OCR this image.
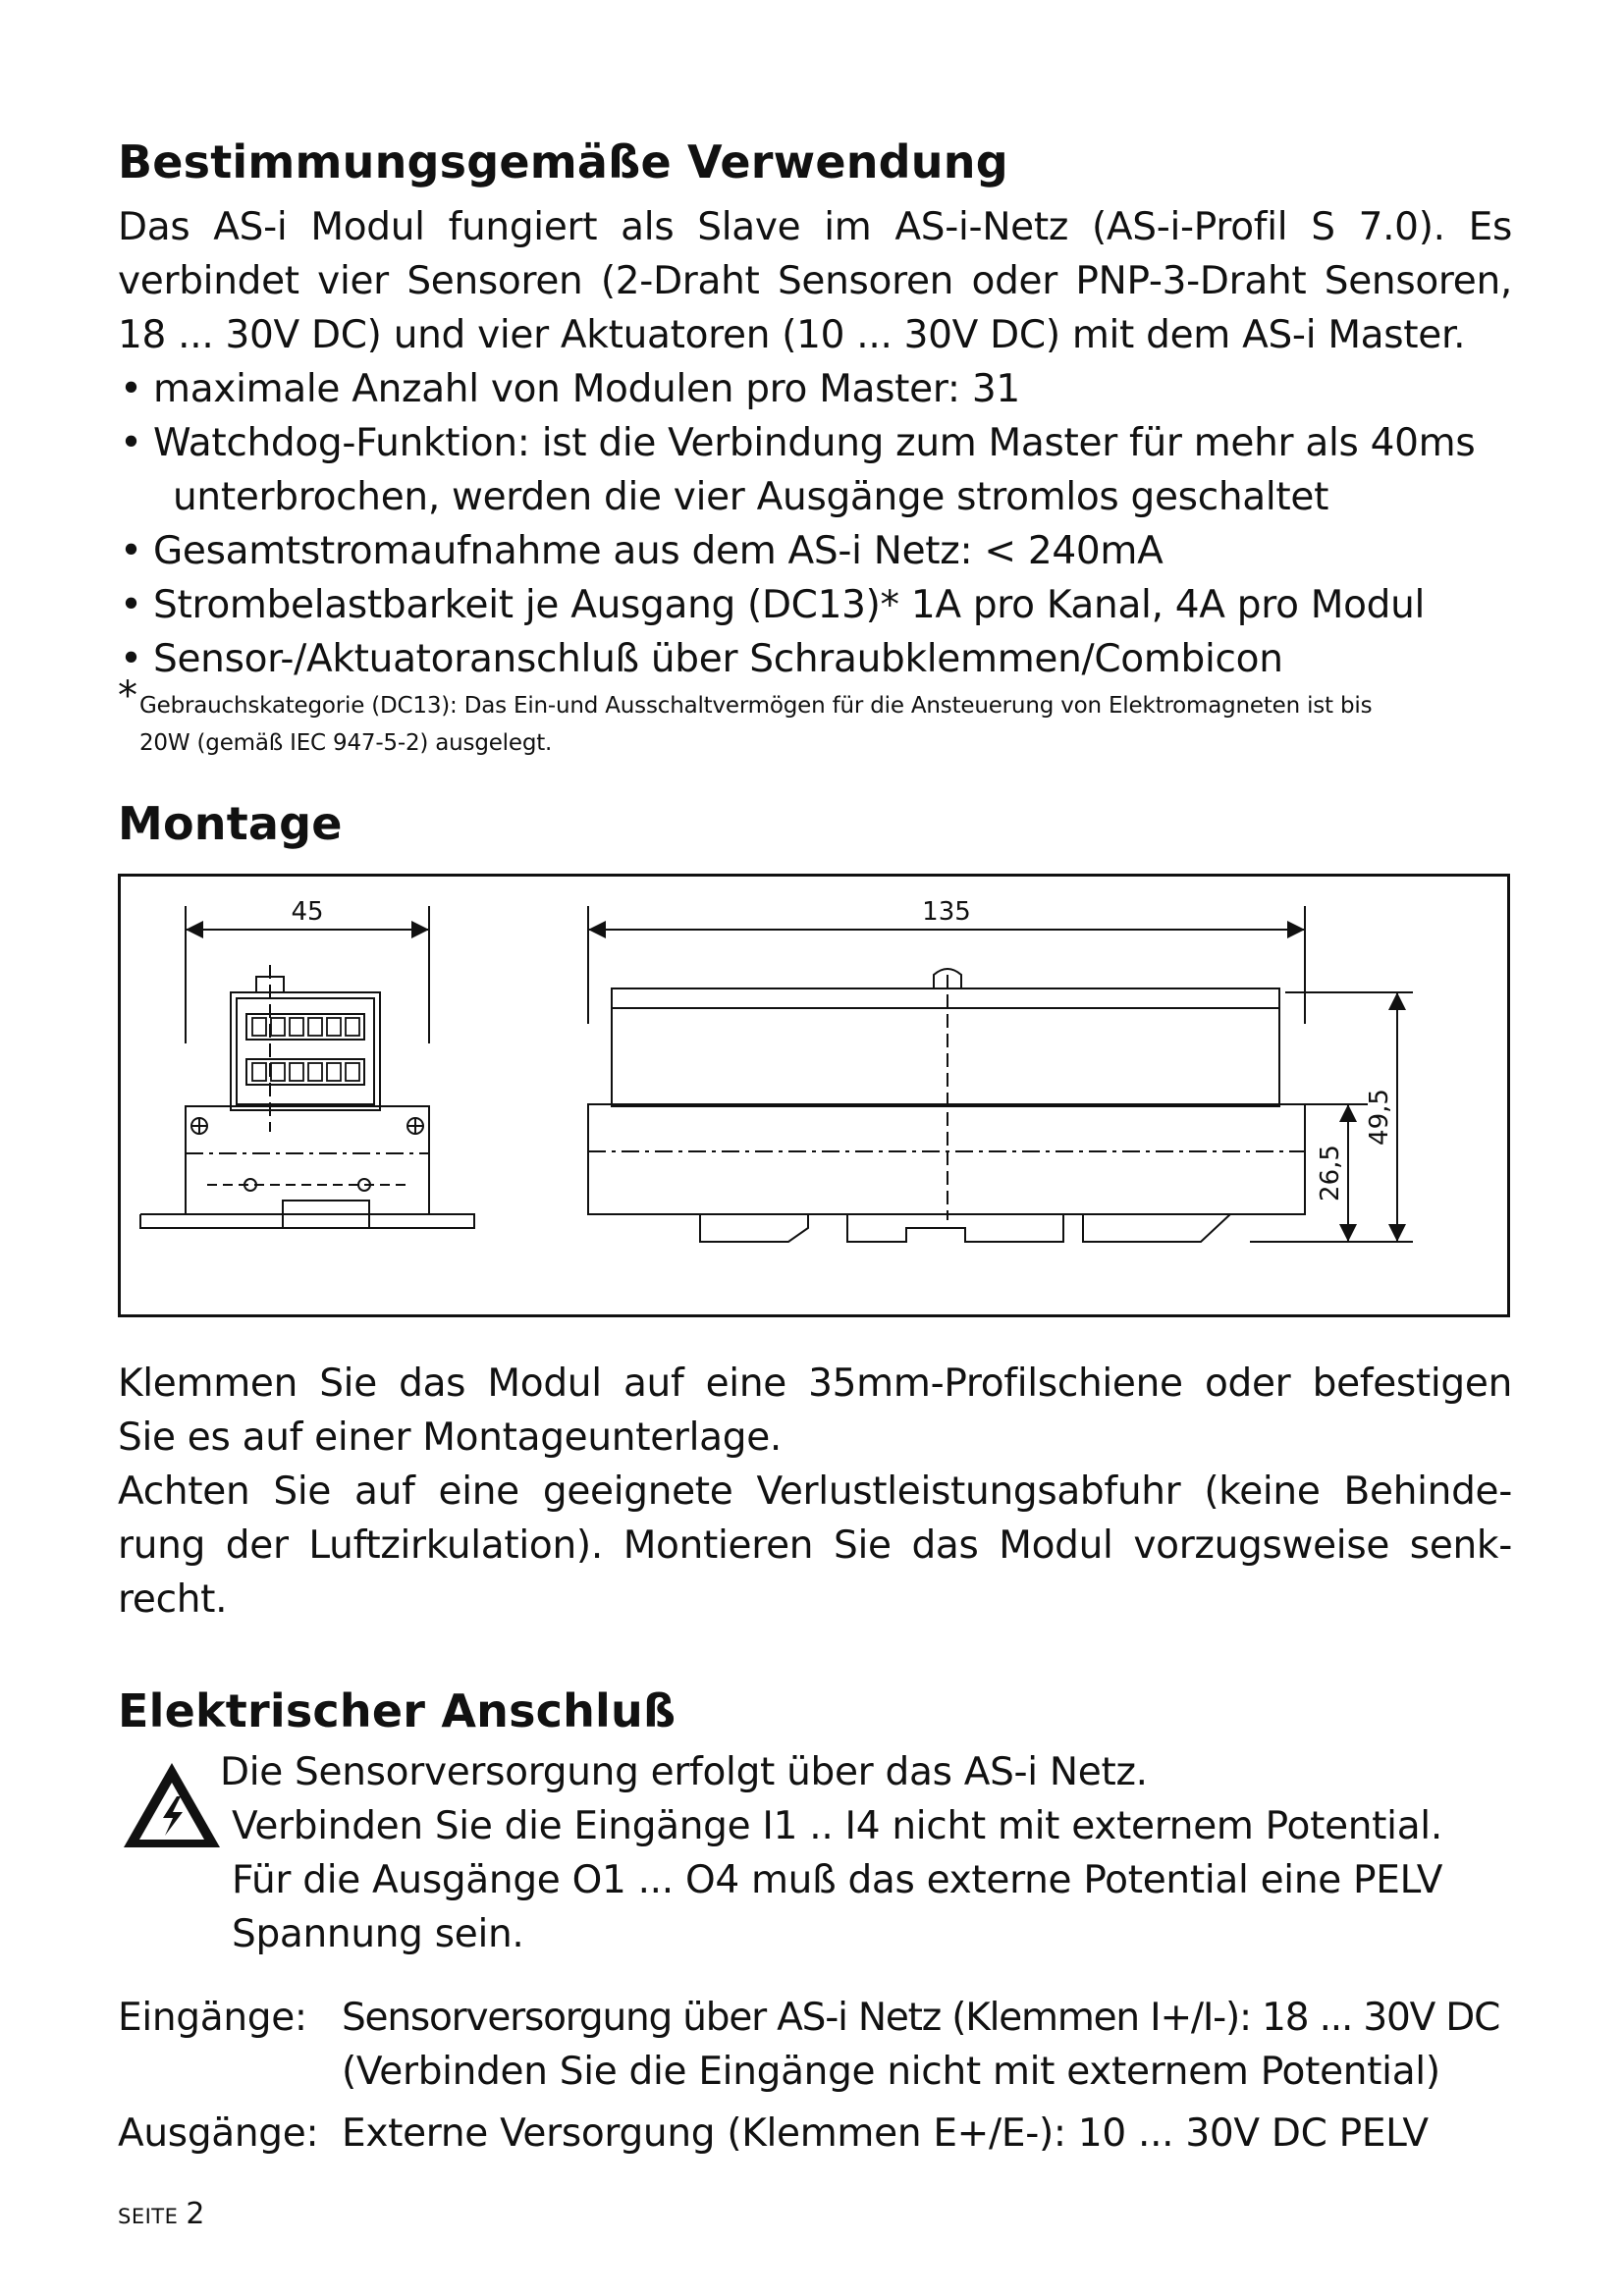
Bestimmungsgemäße Verwendung
Das AS-i Modul fungiert als Slave im AS-i-Netz (AS-i-Profil S 7.0). Es
verbindet vier Sensoren (2-Draht Sensoren oder PNP-3-Draht Sensoren,
18 ... 30V DC) und vier Aktuatoren (10 ... 30V DC) mit dem AS-i Master.
• maximale Anzahl von Modulen pro Master: 31
• Watchdog-Funktion: ist die Verbindung zum Master für mehr als 40ms
unterbrochen, werden die vier Ausgänge stromlos geschaltet
• Gesamtstromaufnahme aus dem AS-i Netz: < 240mA
• Strombelastbarkeit je Ausgang (DC13)* 1A pro Kanal, 4A pro Modul
• Sensor-/Aktuatoranschluß über Schraubklemmen/Combicon
* Gebrauchskategorie (DC13): Das Ein-und Ausschaltvermögen für die Ansteuerung von Elektromagneten ist bis
20W (gemäß IEC 947-5-2) ausgelegt.
Montage
45	135
26,5
49,5
Klemmen Sie das Modul auf eine 35mm-Profilschiene oder befestigen
Sie es auf einer Montageunterlage.
Achten Sie auf eine geeignete Verlustleistungsabfuhr (keine Behinde-
rung der Luftzirkulation). Montieren Sie das Modul vorzugsweise senk-
recht.
Elektrischer Anschluß
Die Sensorversorgung erfolgt über das AS-i Netz.
Verbinden Sie die Eingänge I1 .. I4 nicht mit externem Potential.
Für die Ausgänge O1 ... O4 muß das externe Potential eine PELV
Spannung sein.
Eingänge: Sensorversorgung über AS-i Netz (Klemmen I+/I-): 18 ... 30V DC
(Verbinden Sie die Eingänge nicht mit externem Potential)
Ausgänge: Externe Versorgung (Klemmen E+/E-): 10 ... 30V DC PELV
SEITE 2
